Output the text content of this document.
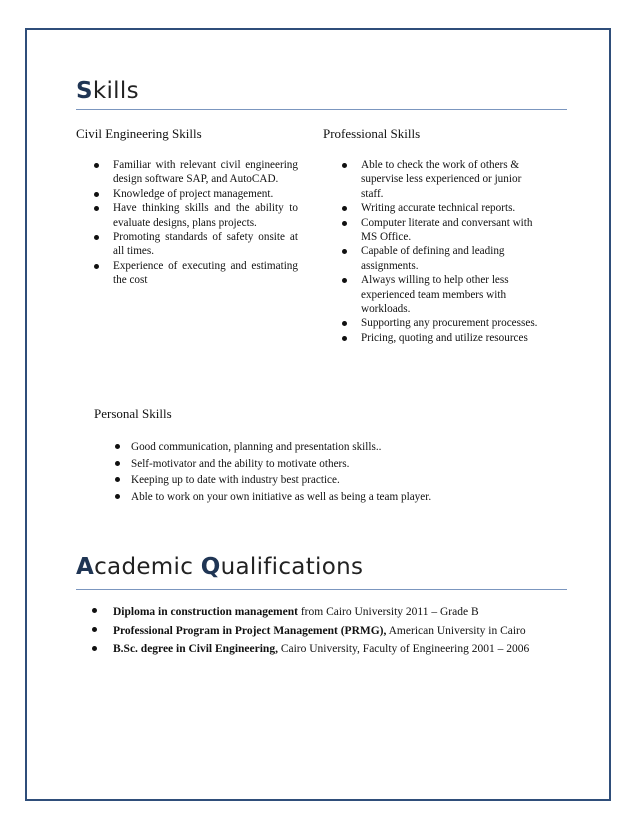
Skills
Civil Engineering Skills
Familiar with relevant civil engineering design software SAP, and AutoCAD.
Knowledge of project management.
Have thinking skills and the ability to evaluate designs, plans projects.
Promoting standards of safety onsite at all times.
Experience of executing and estimating the cost
Professional Skills
Able to check the work of others & supervise less experienced or junior staff.
Writing accurate technical reports.
Computer literate and conversant with MS Office.
Capable of defining and leading assignments.
Always willing to help other less experienced team members with workloads.
Supporting any procurement processes.
Pricing, quoting and utilize resources
Personal Skills
Good communication, planning and presentation skills..
Self-motivator and the ability to motivate others.
Keeping up to date with industry best practice.
Able to work on your own initiative as well as being a team player.
Academic Qualifications
Diploma in construction management from Cairo University 2011 – Grade B
Professional Program in Project Management (PRMG), American University in Cairo
B.Sc. degree in Civil Engineering, Cairo University, Faculty of Engineering 2001 – 2006
